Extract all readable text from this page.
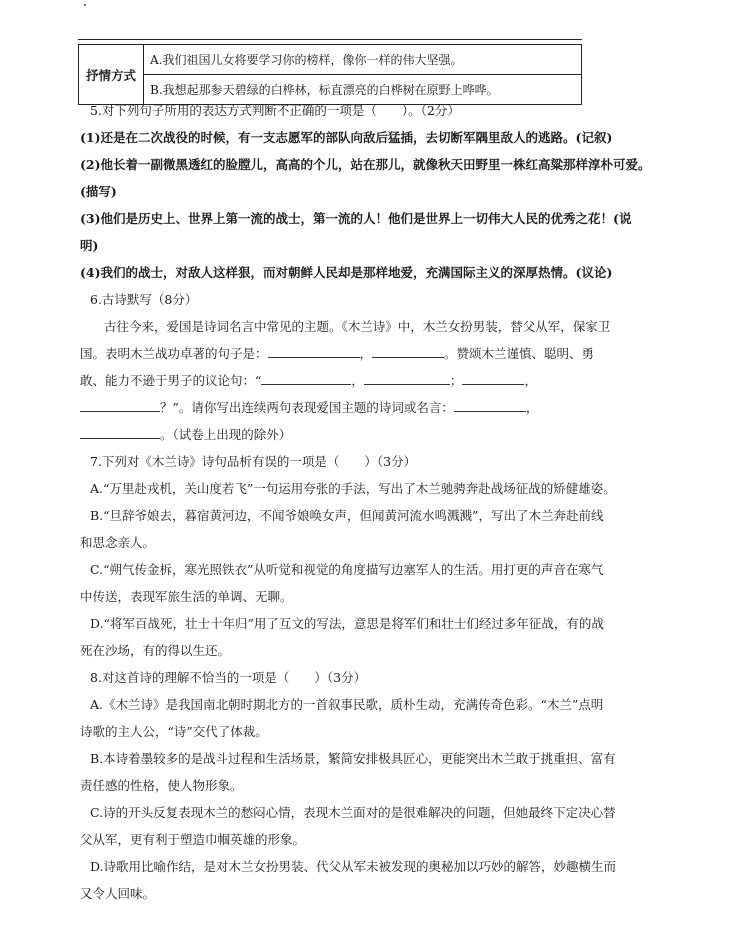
抒情方式	A.我们祖国儿女将要学习你的榜样，像你一样的伟大坚强。
B.我想起那参天碧绿的白桦林，标直漂亮的白桦树在原野上哗哗。

5.对下列句子所用的表达方式判断不正确的一项是（　　）。（2分）

(1)还是在二次战役的时候，有一支志愿军的部队向敌后猛插，去切断军隅里敌人的逃路。(记叙)

(2)他长着一副微黑透红的脸膛儿，高高的个儿，站在那儿，就像秋天田野里一株红高粱那样淳朴可爱。

(描写)

(3)他们是历史上、世界上第一流的战士，第一流的人！他们是世界上一切伟大人民的优秀之花！(说

明)

(4)我们的战士，对敌人这样狠，而对朝鲜人民却是那样地爱，充满国际主义的深厚热情。(议论)

6.古诗默写（8分）

古往今来，爱国是诗词名言中常见的主题。《木兰诗》中，木兰女扮男装，替父从军，保家卫

国。表明木兰战功卓著的句子是：	，	。赞颂木兰谨慎、聪明、勇

敢、能力不逊于男子的议论句：“	，	；	，

？”。请你写出连续两句表现爱国主题的诗词或名言：	，

。（试卷上出现的除外）

7.下列对《木兰诗》诗句品析有误的一项是（　　）（3分）

A.“万里赴戎机，关山度若飞”一句运用夸张的手法，写出了木兰驰骋奔赴战场征战的矫健雄姿。

B.“旦辞爷娘去，暮宿黄河边，不闻爷娘唤女声，但闻黄河流水鸣溅溅”，写出了木兰奔赴前线

和思念亲人。

C.“朔气传金柝，寒光照铁衣”从听觉和视觉的角度描写边塞军人的生活。用打更的声音在寒气

中传送，表现军旅生活的单调、无聊。

D.“将军百战死，壮士十年归”用了互文的写法，意思是将军们和壮士们经过多年征战，有的战

死在沙场，有的得以生还。

8.对这首诗的理解不恰当的一项是（　　）（3分）

A.《木兰诗》是我国南北朝时期北方的一首叙事民歌，质朴生动，充满传奇色彩。“木兰”点明

诗歌的主人公，“诗”交代了体裁。

B.本诗着墨较多的是战斗过程和生活场景，繁简安排极具匠心，更能突出木兰敢于挑重担、富有

责任感的性格，使人物形象。

C.诗的开头反复表现木兰的愁闷心情，表现木兰面对的是很难解决的问题，但她最终下定决心替

父从军，更有利于塑造巾帼英雄的形象。

D.诗歌用比喻作结，是对木兰女扮男装、代父从军未被发现的奥秘加以巧妙的解答，妙趣横生而

又令人回味。
